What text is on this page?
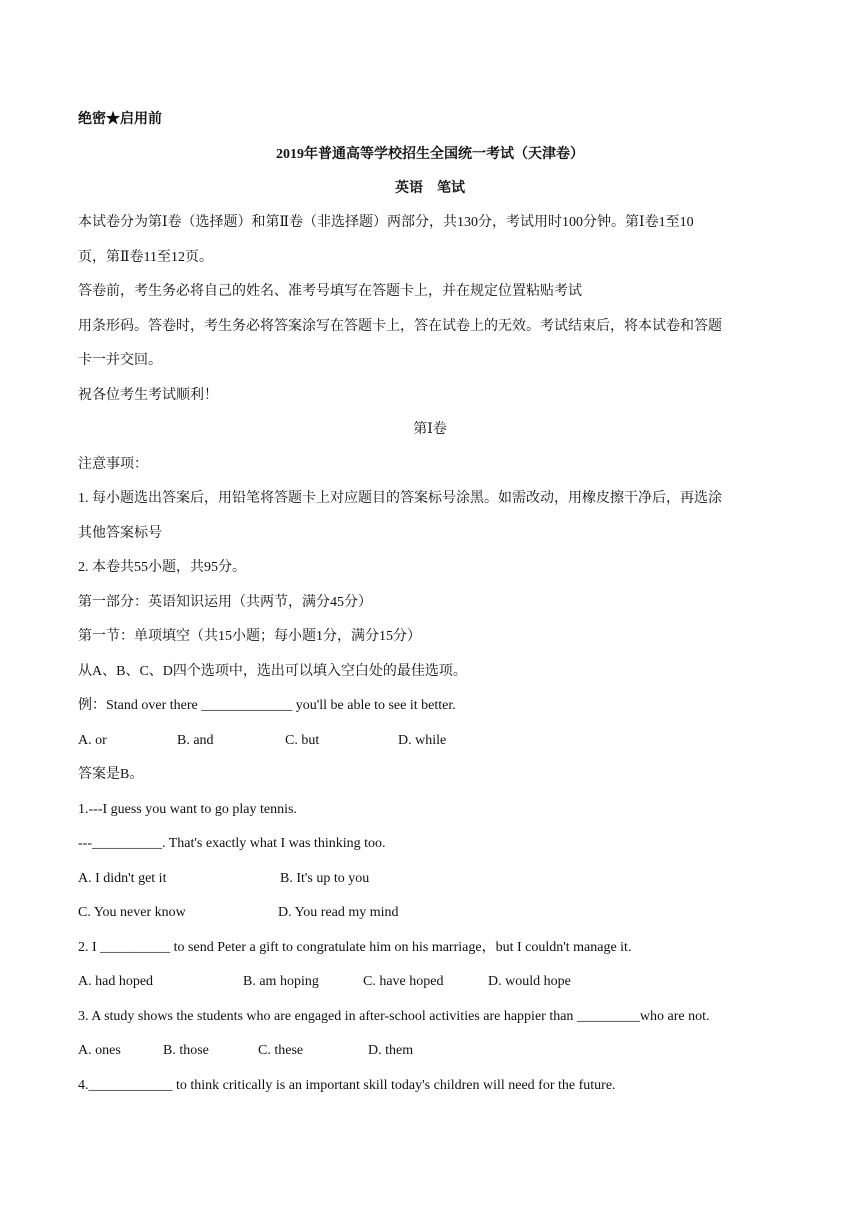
绝密★启用前
2019年普通高等学校招生全国统一考试（天津卷）
英语　笔试
本试卷分为第Ⅰ卷（选择题）和第Ⅱ卷（非选择题）两部分，共130分，考试用时100分钟。第Ⅰ卷1至10
页，第Ⅱ卷11至12页。
答卷前，考生务必将自己的姓名、准考号填写在答题卡上，并在规定位置粘贴考试
用条形码。答卷时，考生务必将答案涂写在答题卡上，答在试卷上的无效。考试结束后，将本试卷和答题
卡一并交回。
祝各位考生考试顺利！
第Ⅰ卷
注意事项：
1. 每小题选出答案后，用铅笔将答题卡上对应题目的答案标号涂黑。如需改动，用橡皮擦干净后，再选涂
其他答案标号
2. 本卷共55小题，共95分。
第一部分：英语知识运用（共两节，满分45分）
第一节：单项填空（共15小题；每小题1分，满分15分）
从A、B、C、D四个选项中，选出可以填入空白处的最佳选项。
例：Stand over there _____________ you'll be able to see it better.
A. or	B. and	C. but	D. while
答案是B。
1.---I guess you want to go play tennis.
---__________. That's exactly what I was thinking too.
A. I didn't get it	B. It's up to you
C. You never know	D. You read my mind
2. I __________ to send Peter a gift to congratulate him on his marriage，but I couldn't manage it.
A. had hoped	B. am hoping	C. have hoped	D. would hope
3. A study shows the students who are engaged in after-school activities are happier than _________who are not.
A. ones	B. those	C. these	D. them
4.____________ to think critically is an important skill today's children will need for the future.
